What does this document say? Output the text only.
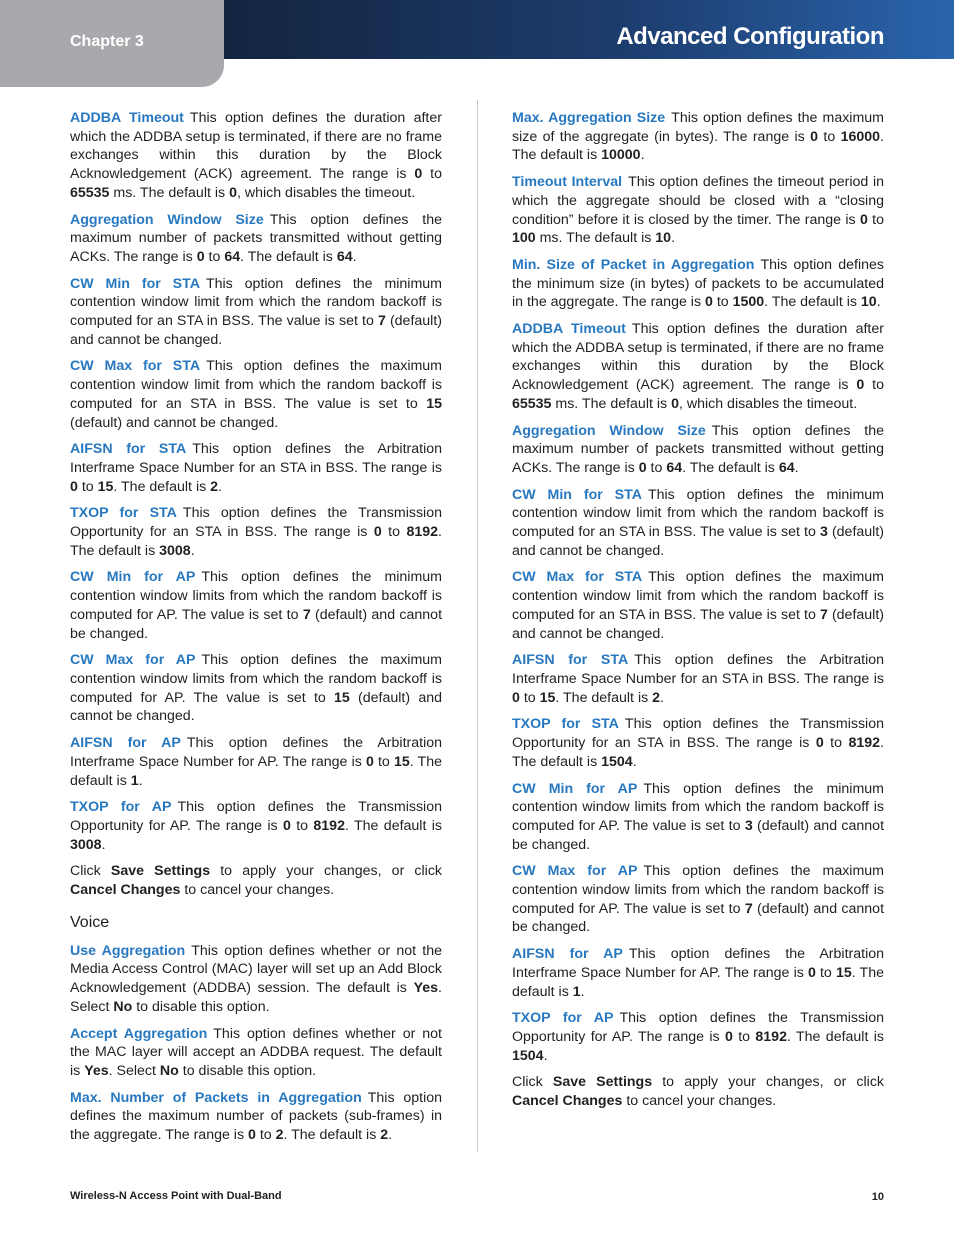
Chapter 3	Advanced Configuration

ADDBA Timeout This option defines the duration after which the ADDBA setup is terminated, if there are no frame exchanges within this duration by the Block Acknowledgement (ACK) agreement. The range is 0 to 65535 ms. The default is 0, which disables the timeout.

Aggregation Window Size This option defines the maximum number of packets transmitted without getting ACKs. The range is 0 to 64. The default is 64.

CW Min for STA This option defines the minimum contention window limit from which the random backoff is computed for an STA in BSS. The value is set to 7 (default) and cannot be changed.

CW Max for STA This option defines the maximum contention window limit from which the random backoff is computed for an STA in BSS. The value is set to 15 (default) and cannot be changed.

AIFSN for STA This option defines the Arbitration Interframe Space Number for an STA in BSS. The range is 0 to 15. The default is 2.

TXOP for STA This option defines the Transmission Opportunity for an STA in BSS. The range is 0 to 8192. The default is 3008.

CW Min for AP This option defines the minimum contention window limits from which the random backoff is computed for AP. The value is set to 7 (default) and cannot be changed.

CW Max for AP This option defines the maximum contention window limits from which the random backoff is computed for AP. The value is set to 15 (default) and cannot be changed.

AIFSN for AP This option defines the Arbitration Interframe Space Number for AP. The range is 0 to 15. The default is 1.

TXOP for AP This option defines the Transmission Opportunity for AP. The range is 0 to 8192. The default is 3008.

Click Save Settings to apply your changes, or click Cancel Changes to cancel your changes.

Voice

Use Aggregation This option defines whether or not the Media Access Control (MAC) layer will set up an Add Block Acknowledgement (ADDBA) session. The default is Yes. Select No to disable this option.

Accept Aggregation This option defines whether or not the MAC layer will accept an ADDBA request. The default is Yes. Select No to disable this option.

Max. Number of Packets in Aggregation This option defines the maximum number of packets (sub-frames) in the aggregate. The range is 0 to 2. The default is 2.

Max. Aggregation Size This option defines the maximum size of the aggregate (in bytes). The range is 0 to 16000. The default is 10000.

Timeout Interval This option defines the timeout period in which the aggregate should be closed with a “closing condition” before it is closed by the timer. The range is 0 to 100 ms. The default is 10.

Min. Size of Packet in Aggregation This option defines the minimum size (in bytes) of packets to be accumulated in the aggregate. The range is 0 to 1500. The default is 10.

ADDBA Timeout This option defines the duration after which the ADDBA setup is terminated, if there are no frame exchanges within this duration by the Block Acknowledgement (ACK) agreement. The range is 0 to 65535 ms. The default is 0, which disables the timeout.

Aggregation Window Size This option defines the maximum number of packets transmitted without getting ACKs. The range is 0 to 64. The default is 64.

CW Min for STA This option defines the minimum contention window limit from which the random backoff is computed for an STA in BSS. The value is set to 3 (default) and cannot be changed.

CW Max for STA This option defines the maximum contention window limit from which the random backoff is computed for an STA in BSS. The value is set to 7 (default) and cannot be changed.

AIFSN for STA This option defines the Arbitration Interframe Space Number for an STA in BSS. The range is 0 to 15. The default is 2.

TXOP for STA This option defines the Transmission Opportunity for an STA in BSS. The range is 0 to 8192. The default is 1504.

CW Min for AP This option defines the minimum contention window limits from which the random backoff is computed for AP. The value is set to 3 (default) and cannot be changed.

CW Max for AP This option defines the maximum contention window limits from which the random backoff is computed for AP. The value is set to 7 (default) and cannot be changed.

AIFSN for AP This option defines the Arbitration Interframe Space Number for AP. The range is 0 to 15. The default is 1.

TXOP for AP This option defines the Transmission Opportunity for AP. The range is 0 to 8192. The default is 1504.

Click Save Settings to apply your changes, or click Cancel Changes to cancel your changes.

Wireless-N Access Point with Dual-Band	10
